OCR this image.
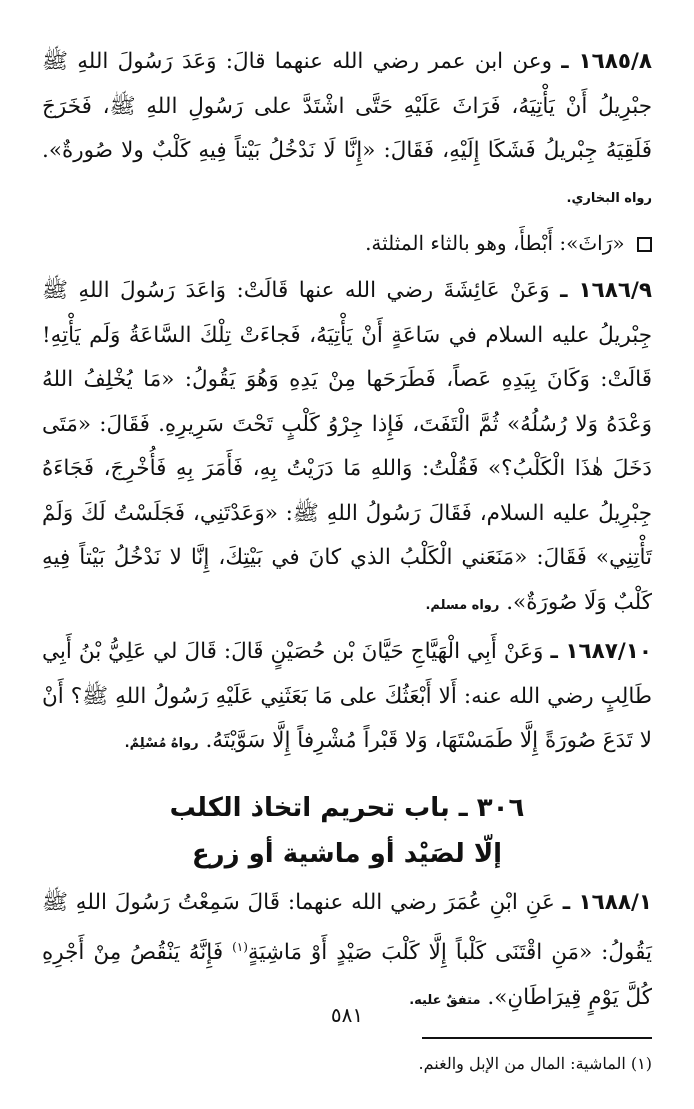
١٦٨٥/٨ ـ وعن ابن عمر رضي الله عنهما قالَ: وَعَدَ رَسُولَ اللهِ ﷺ جبْرِيلُ أَنْ يَأْتِيَهُ، فَرَاثَ عَلَيْهِ حَتَّى اشْتَدَّ على رَسُولِ اللهِ ﷺ، فَخَرَجَ فَلَقِيَهُ جِبْريلُ فَشَكَا إِلَيْهِ، فَقَالَ: «إِنَّا لَا نَدْخُلُ بَيْتاً فِيهِ كَلْبٌ ولا صُورةٌ». رواه البخاري.

«رَاثَ»: أَبْطأَ، وهو بالثاء المثلثة.

١٦٨٦/٩ ـ وَعَنْ عَائِشَةَ رضي الله عنها قَالَتْ: وَاعَدَ رَسُولَ اللهِ ﷺ جِبْريلُ عليه السلام في سَاعَةٍ أَنْ يَأْتِيَهُ، فَجاءَتْ تِلْكَ السَّاعَةُ وَلَم يَأْتِهِ! قَالَتْ: وَكَانَ بِيَدِهِ عَصاً، فَطَرَحَها مِنْ يَدِهِ وَهُوَ يَقُولُ: «مَا يُخْلِفُ اللهُ وَعْدَهُ وَلا رُسُلُهُ» ثُمَّ الْتَفَتَ، فَإِذا جِرْوُ كَلْبٍ تَحْتَ سَرِيرِهِ. فَقَالَ: «مَتَى دَخَلَ هٰذَا الْكَلْبُ؟» فَقُلْتُ: وَاللهِ مَا دَرَيْتُ بِهِ، فَأَمَرَ بِهِ فَأُخْرِجَ، فَجَاءَهُ جِبْرِيلُ عليه السلام، فَقَالَ رَسُولُ اللهِ ﷺ: «وَعَدْتَنِي، فَجَلَسْتُ لَكَ وَلَمْ تَأْتِنِي» فَقَالَ: «مَنَعَني الْكَلْبُ الذي كانَ في بَيْتِكَ، إِنَّا لا نَدْخُلُ بَيْتاً فِيهِ كَلْبٌ وَلَا صُورَةٌ». رواه مسلم.

١٦٨٧/١٠ ـ وَعَنْ أَبِي الْهَيَّاجِ حَيَّانَ بْن حُصَيْنٍ قَالَ: قَالَ لي عَلِيُّ بْنُ أَبِي طَالِبٍ رضي الله عنه: أَلا أَبْعَثُكَ على مَا بَعَثَنِي عَلَيْهِ رَسُولُ اللهِ ﷺ؟ أَنْ لا تَدَعَ صُورَةً إِلَّا طَمَسْتَهَا، وَلا قَبْراً مُشْرِفاً إِلَّا سَوَّيْتَهُ. رواهُ مُسْلِمٌ.

٣٠٦ ـ باب تحريم اتخاذ الكلب
إلّا لصَيْد أو ماشية أو زرع

١٦٨٨/١ ـ عَنِ ابْنِ عُمَرَ رضي الله عنهما: قَالَ سَمِعْتُ رَسُولَ اللهِ ﷺ يَقُولُ: «مَنِ اقْتَنَى كَلْباً إِلَّا كَلْبَ صَيْدٍ أَوْ مَاشِيَةٍ$^{(١)}$ فَإِنَّهُ يَنْقُصُ مِنْ أَجْرِهِ كُلَّ يَوْمٍ قِيرَاطَانِ». متفقٌ عليه.

(١) الماشية: المال من الإبل والغنم.

٥٨١
